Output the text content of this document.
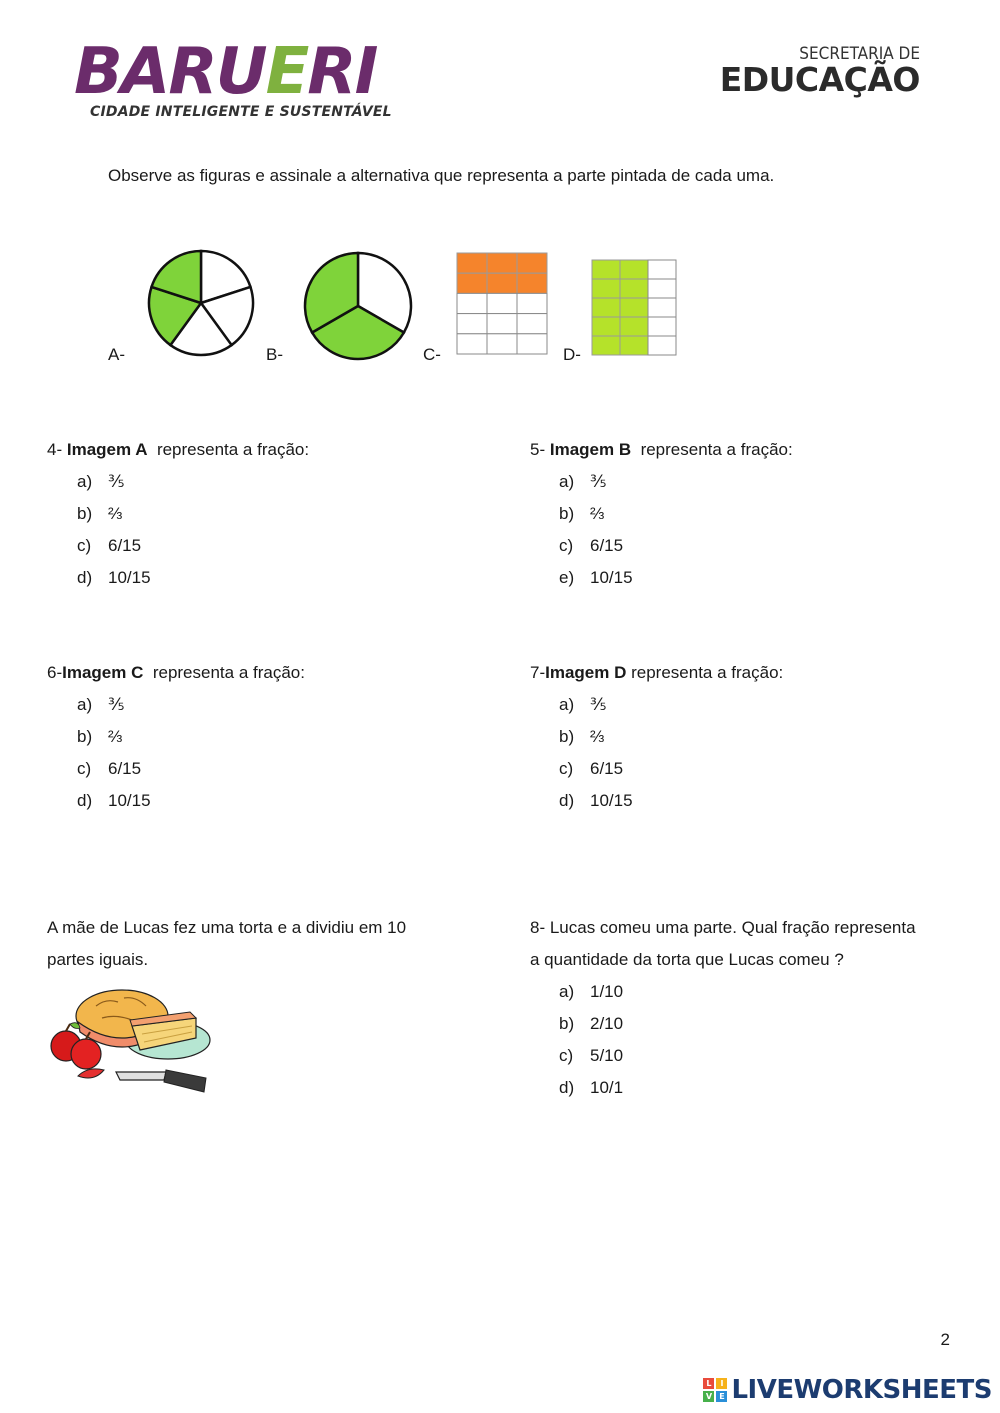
BARUERI
CIDADE INTELIGENTE E SUSTENTÁVEL
SECRETARIA DE
EDUCAÇÃO
Observe as figuras e assinale a alternativa que representa a parte pintada de cada uma.
A-	B-	C-	D-
4- Imagem A representa a fração:
a) ⅗
b) ⅔
c) 6/15
d) 10/15
5- Imagem B representa a fração:
a) ⅗
b) ⅔
c) 6/15
e) 10/15
6-Imagem C representa a fração:
a) ⅗
b) ⅔
c) 6/15
d) 10/15
7-Imagem D representa a fração:
a) ⅗
b) ⅔
c) 6/15
d) 10/15
A mãe de Lucas fez uma torta e a dividiu em 10
partes iguais.
8- Lucas comeu uma parte. Qual fração representa
a quantidade da torta que Lucas comeu ?
a) 1/10
b) 2/10
c) 5/10
d) 10/1
2
L	I
V E LIVEWORKSHEETS
